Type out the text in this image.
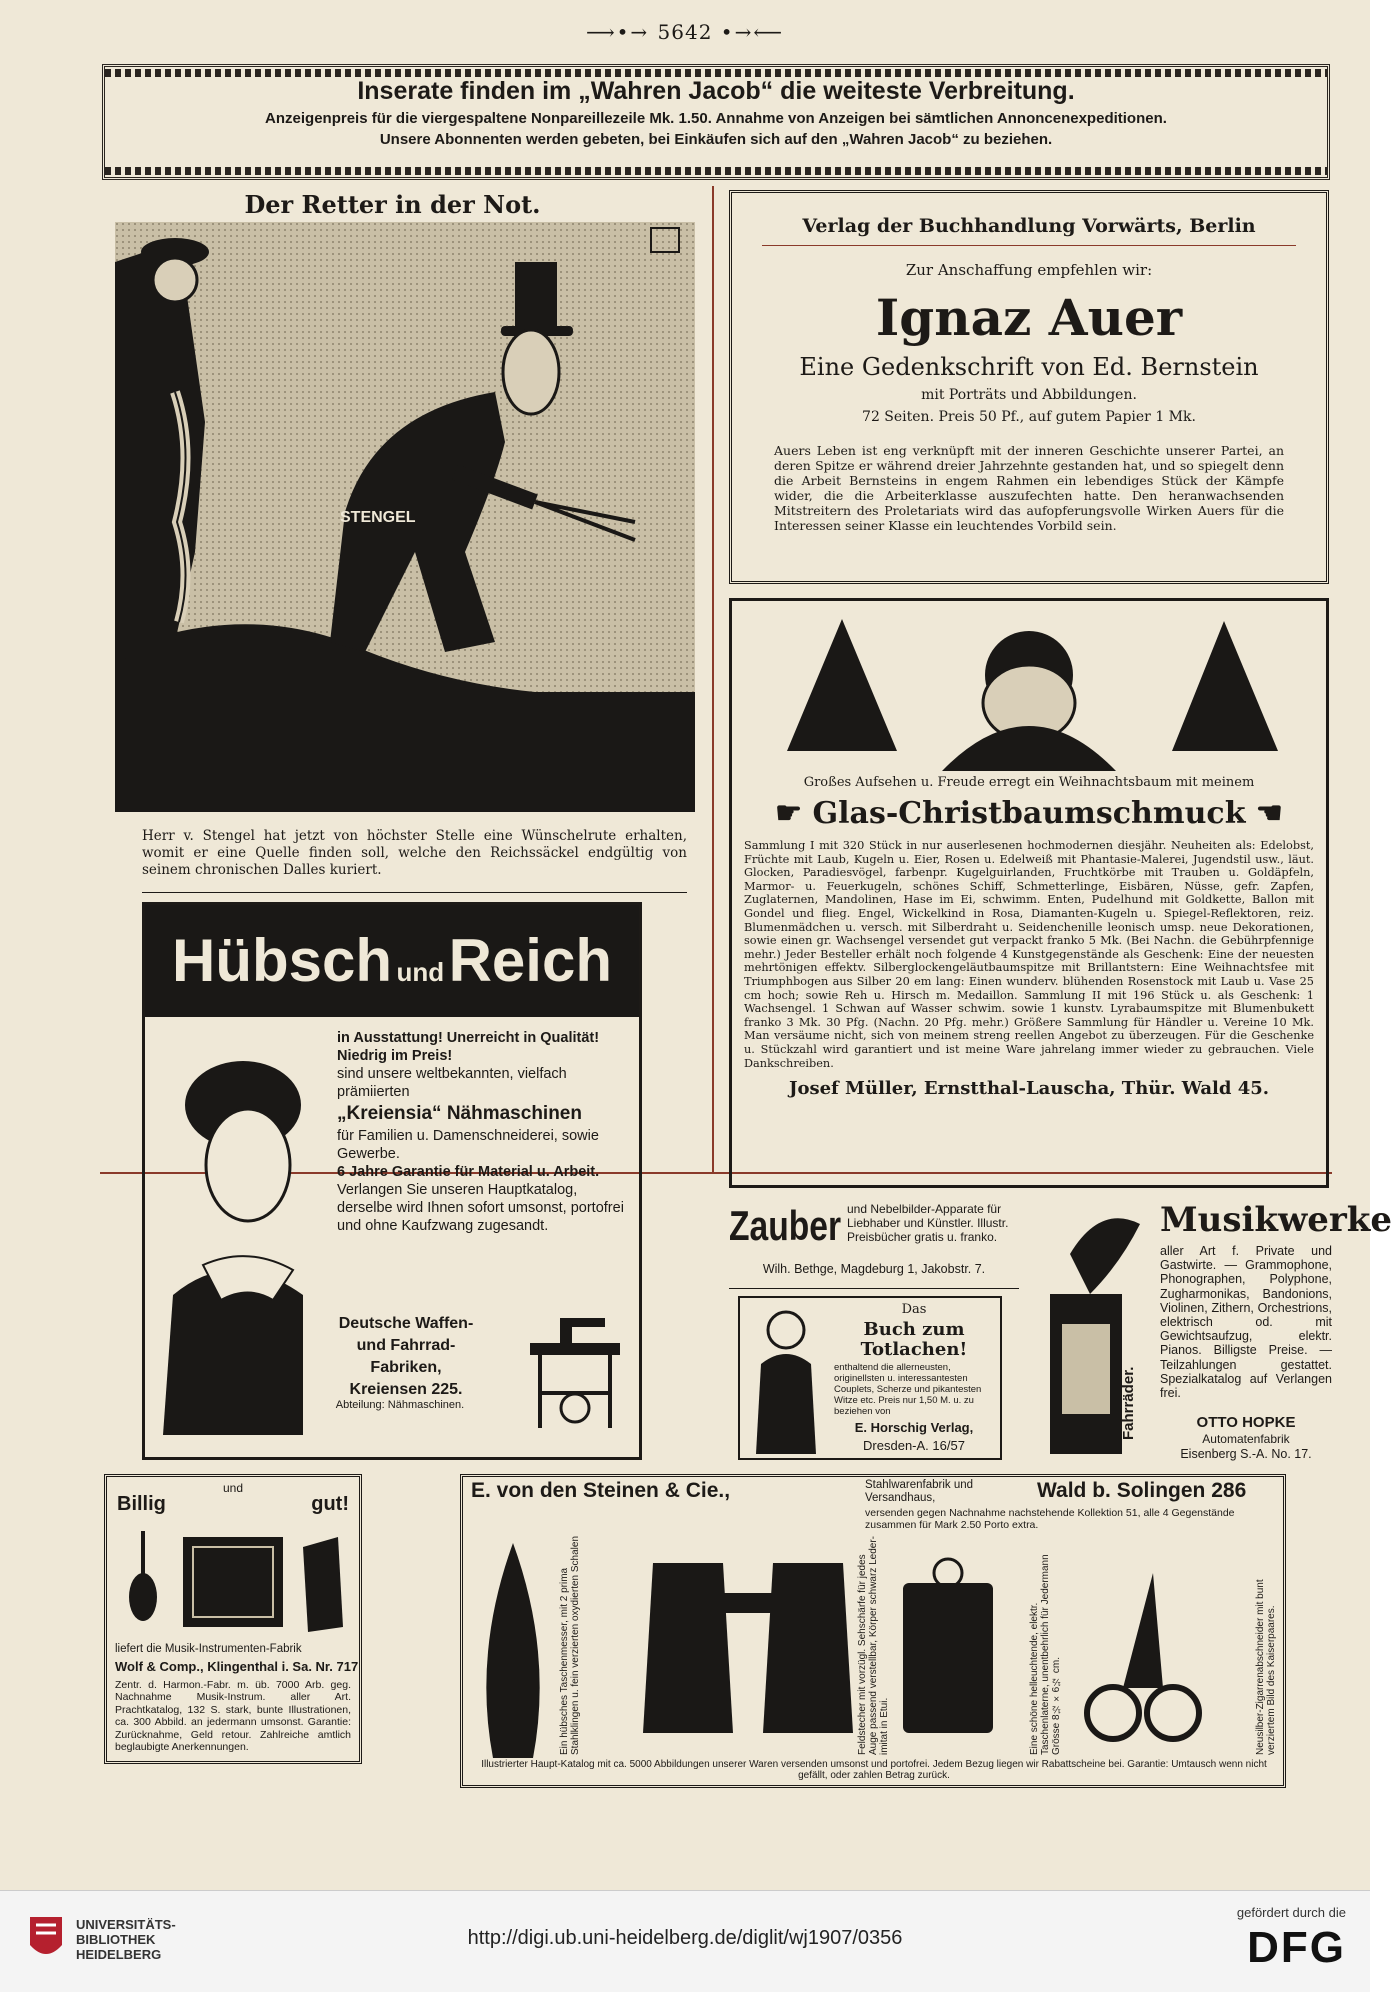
⟶•→ 5642 •→⟵
Inserate finden im „Wahren Jacob“ die weiteste Verbreitung.
Anzeigenpreis für die viergespaltene Nonpareillezeile Mk. 1.50. Annahme von Anzeigen bei sämtlichen Annoncenexpeditionen.
Unsere Abonnenten werden gebeten, bei Einkäufen sich auf den „Wahren Jacob“ zu beziehen.
Der Retter in der Not.
STENGEL
Herr v. Stengel hat jetzt von höchster Stelle eine Wünschelrute erhalten, womit er eine Quelle finden soll, welche den Reichssäckel endgültig von seinem chronischen Dalles kuriert.
Verlag der Buchhandlung Vorwärts, Berlin
Zur Anschaffung empfehlen wir:
Ignaz Auer
Eine Gedenkschrift von Ed. Bernstein
mit Porträts und Abbildungen.
72 Seiten. Preis 50 Pf., auf gutem Papier 1 Mk.
Auers Leben ist eng verknüpft mit der inneren Geschichte unserer Partei, an deren Spitze er während dreier Jahrzehnte gestanden hat, und so spiegelt denn die Arbeit Bernsteins in engem Rahmen ein lebendiges Stück der Kämpfe wider, die die Arbeiterklasse auszufechten hatte. Den heranwachsenden Mitstreitern des Proletariats wird das aufopferungsvolle Wirken Auers für die Interessen seiner Klasse ein leuchtendes Vorbild sein.
Großes Aufsehen u. Freude erregt ein Weihnachtsbaum mit meinem
☛ Glas-Christbaumschmuck ☚
Sammlung I mit 320 Stück in nur auserlesenen hochmodernen diesjähr. Neuheiten als: Edelobst, Früchte mit Laub, Kugeln u. Eier, Rosen u. Edelweiß mit Phantasie-Malerei, Jugendstil usw., läut. Glocken, Paradiesvögel, farbenpr. Kugelguirlanden, Fruchtkörbe mit Trauben u. Goldäpfeln, Marmor- u. Feuerkugeln, schönes Schiff, Schmetterlinge, Eisbären, Nüsse, gefr. Zapfen, Zuglaternen, Mandolinen, Hase im Ei, schwimm. Enten, Pudelhund mit Goldkette, Ballon mit Gondel und flieg. Engel, Wickelkind in Rosa, Diamanten-Kugeln u. Spiegel-Reflektoren, reiz. Blumenmädchen u. versch. mit Silberdraht u. Seidenchenille leonisch umsp. neue Dekorationen, sowie einen gr. Wachsengel versendet gut verpackt franko 5 Mk. (Bei Nachn. die Gebührpfennige mehr.) Jeder Besteller erhält noch folgende 4 Kunstgegenstände als Geschenk: Eine der neuesten mehrtönigen effektv. Silberglockengeläutbaumspitze mit Brillantstern: Eine Weihnachtsfee mit Triumphbogen aus Silber 20 em lang: Einen wunderv. blühenden Rosenstock mit Laub u. Vase 25 cm hoch; sowie Reh u. Hirsch m. Medaillon. Sammlung II mit 196 Stück u. als Geschenk: 1 Wachsengel. 1 Schwan auf Wasser schwim. sowie 1 kunstv. Lyrabaumspitze mit Blumenbukett franko 3 Mk. 30 Pfg. (Nachn. 20 Pfg. mehr.) Größere Sammlung für Händler u. Vereine 10 Mk. Man versäume nicht, sich von meinem streng reellen Angebot zu überzeugen. Für die Geschenke u. Stückzahl wird garantiert und ist meine Ware jahrelang immer wieder zu gebrauchen. Viele Dankschreiben.
Josef Müller, Ernstthal-Lauscha, Thür. Wald 45.
Hübsch und Reich
in Ausstattung! Unerreicht in Qualität! Niedrig im Preis!
sind unsere weltbekannten, vielfach prämiierten
„Kreiensia“ Nähmaschinen
für Familien u. Damenschneiderei, sowie Gewerbe.
6 Jahre Garantie für Material u. Arbeit.
Verlangen Sie unseren Hauptkatalog, derselbe wird Ihnen sofort umsonst, portofrei und ohne Kaufzwang zugesandt.
Deutsche Waffen- und Fahrrad-Fabriken, Kreiensen 225.
Abteilung: Nähmaschinen.
Zauber und Nebelbilder-Apparate für Liebhaber und Künstler. Illustr. Preisbücher gratis u. franko.
Wilh. Bethge, Magdeburg 1, Jakobstr. 7.
Das
Buch zum Totlachen!
enthaltend die allerneusten, originellsten u. interessantesten Couplets, Scherze und pikantesten Witze etc. Preis nur 1,50 M. u. zu beziehen von
E. Horschig Verlag,
Dresden-A. 16/57
Fahrräder.
Musikwerke
aller Art f. Private und Gastwirte. — Grammophone, Phonographen, Polyphone, Zugharmonikas, Bandonions, Violinen, Zithern, Orchestrions, elektrisch od. mit Gewichtsaufzug, elektr. Pianos. Billigste Preise. — Teilzahlungen gestattet. Spezialkatalog auf Verlangen frei.
OTTO HOPKE
Automatenfabrik
Eisenberg S.-A. No. 17.
und
Billig	gut!
liefert die Musik-Instrumenten-Fabrik
Wolf & Comp., Klingenthal i. Sa. Nr. 717
Zentr. d. Harmon.-Fabr. m. üb. 7000 Arb. geg. Nachnahme Musik-Instrum. aller Art. Prachtkatalog, 132 S. stark, bunte Illustrationen, ca. 300 Abbild. an jedermann umsonst. Garantie: Zurücknahme, Geld retour. Zahlreiche amtlich beglaubigte Anerkennungen.
E. von den Steinen & Cie.,	Stahlwarenfabrik und Versandhaus,	Wald b. Solingen 286
versenden gegen Nachnahme nachstehende Kollektion 51, alle 4 Gegenstände zusammen für Mark 2.50 Porto extra.
Ein hübsches Taschenmesser, mit 2 prima Stahlklingen u. fein verzierten oxydierten Schalen	Feldstecher mit vorzügl. Sehschärfe für jedes Auge passend verstellbar, Körper schwarz Leder-imitat in Etui.	Eine schöne helleuchtende, elektr. Taschenlaterne, unentbehrlich für Jedermann Grösse 8½×6½ cm.	Neusilber-Zigarrenabschneider mit bunt verziertem Bild des Kaiserpaares.
Illustrierter Haupt-Katalog mit ca. 5000 Abbildungen unserer Waren versenden umsonst und portofrei. Jedem Bezug liegen wir Rabattscheine bei. Garantie: Umtausch wenn nicht gefällt, oder zahlen Betrag zurück.
UNIVERSITÄTS-
BIBLIOTHEK
HEIDELBERG
http://digi.ub.uni-heidelberg.de/diglit/wj1907/0356
gefördert durch die
DFG
